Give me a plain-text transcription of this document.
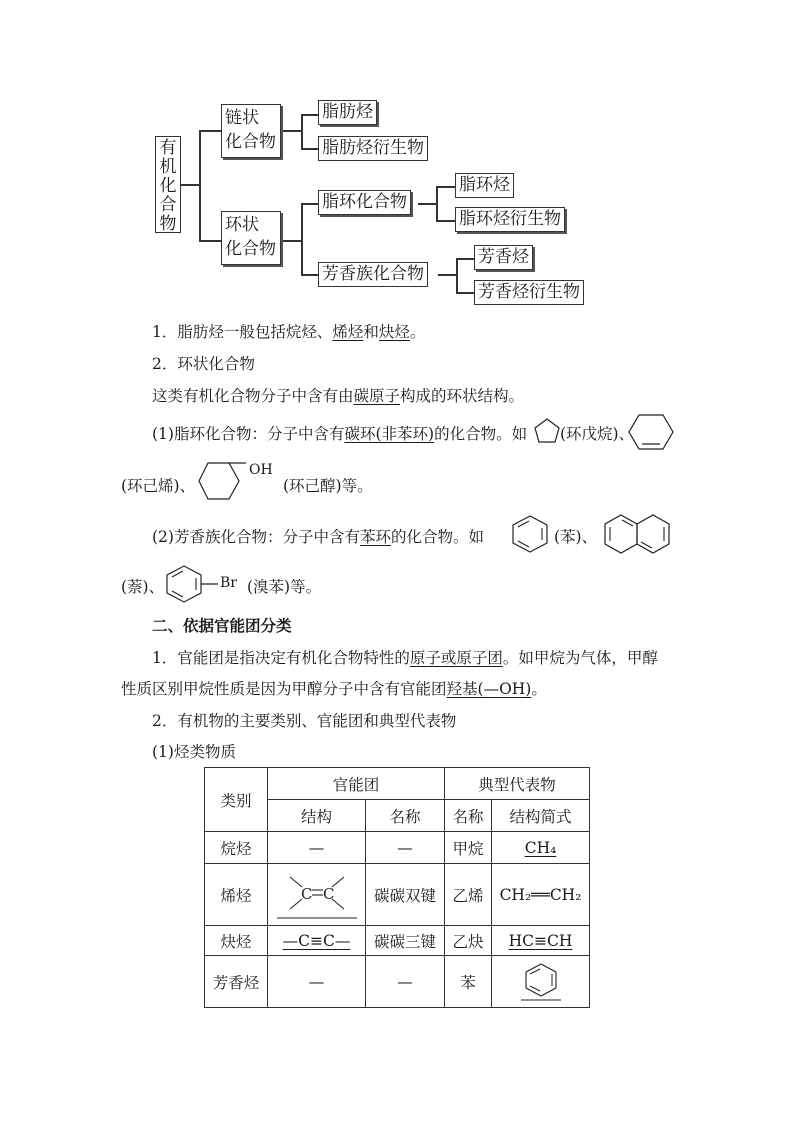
有机化合物
链状
化合物
脂肪烃
脂肪烃衍生物
环状
化合物
脂环化合物
脂环烃
脂环烃衍生物
芳香族化合物
芳香烃
芳香烃衍生物
1．脂肪烃一般包括烷烃、烯烃和炔烃。
2．环状化合物
这类有机化合物分子中含有由碳原子构成的环状结构。
(1)脂环化合物：分子中含有碳环(非苯环)的化合物。如 (环戊烷)、
(环己烯)、
OH
(环己醇)等。
(2)芳香族化合物：分子中含有苯环的化合物。如	(苯)、
(萘)、	Br (溴苯)等。
二、依据官能团分类
1．官能团是指决定有机化合物特性的原子或原子团。如甲烷为气体，甲醇
性质区别甲烷性质是因为甲醇分子中含有官能团羟基(—OH)。
2．有机物的主要类别、官能团和典型代表物
(1)烃类物质
类别	官能团		典型代表物	
	结构	名称	名称	结构简式
烷烃	—	—	甲烷	CH₄
烯烃	C C	碳碳双键	乙烯	CH₂══CH₂
炔烃	—C≡C—	碳碳三键	乙炔	HC≡CH
芳香烃	—	—	苯	
